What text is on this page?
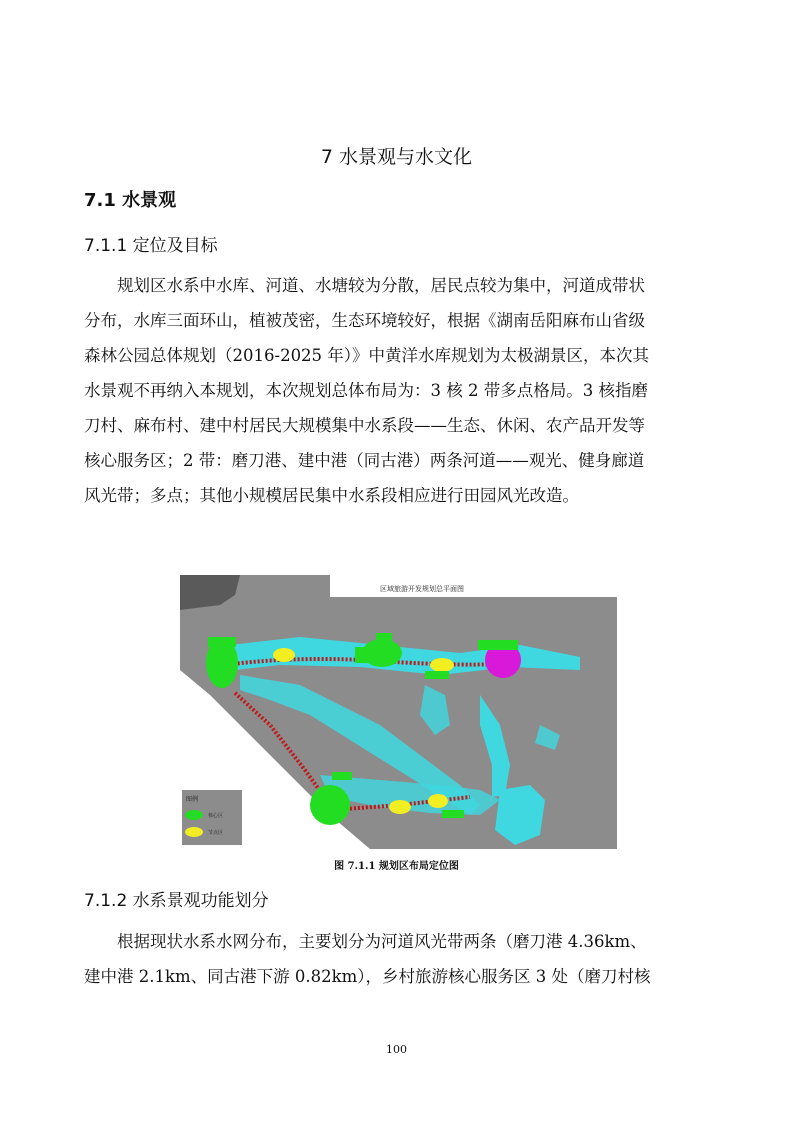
7 水景观与水文化
7.1 水景观
7.1.1 定位及目标
规划区水系中水库、河道、水塘较为分散，居民点较为集中，河道成带状
分布，水库三面环山，植被茂密，生态环境较好，根据《湖南岳阳麻布山省级
森林公园总体规划（2016-2025 年）》中黄洋水库规划为太极湖景区，本次其
水景观不再纳入本规划，本次规划总体布局为：3 核 2 带多点格局。3 核指磨
刀村、麻布村、建中村居民大规模集中水系段——生态、休闲、农产品开发等
核心服务区；2 带：磨刀港、建中港（同古港）两条河道——观光、健身廊道
风光带；多点；其他小规模居民集中水系段相应进行田园风光改造。
区域旅游开发规划总平面图
图例
核心区
节点区
图 7.1.1 规划区布局定位图
7.1.2 水系景观功能划分
根据现状水系水网分布，主要划分为河道风光带两条（磨刀港 4.36km、
建中港 2.1km、同古港下游 0.82km），乡村旅游核心服务区 3 处（磨刀村核
100
